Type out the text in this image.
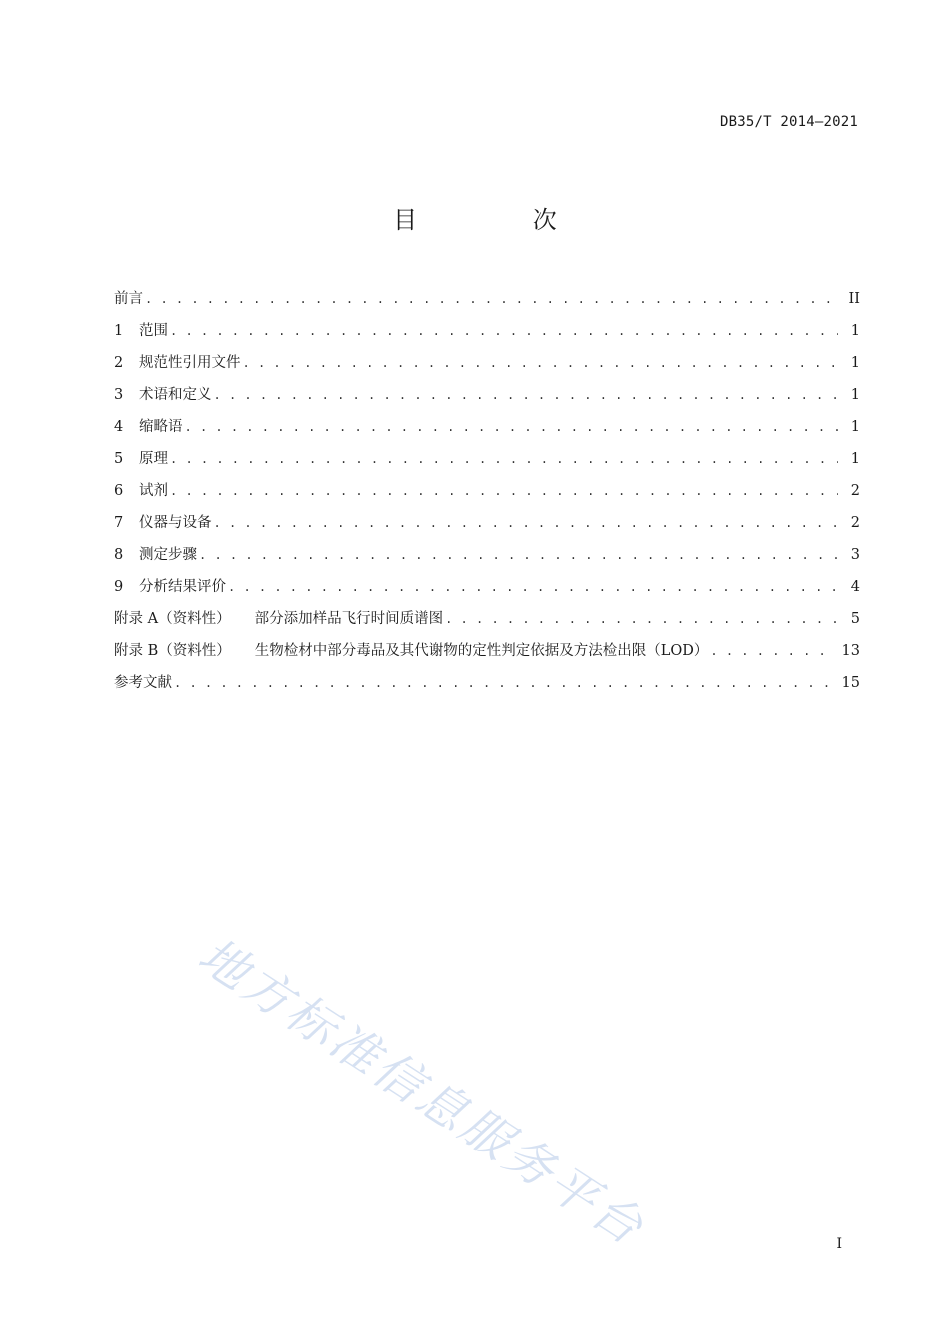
DB35/T 2014—2021
目 次
前言 . . .	II
1	范围 . . .	1
2	规范性引用文件 . . .	1
3	术语和定义 . . .	1
4	缩略语 . . .	1
5	原理 . . .	1
6	试剂 . . .	2
7	仪器与设备 . . .	2
8	测定步骤 . . .	3
9	分析结果评价 . . .	4
附录 A（资料性） 部分添加样品飞行时间质谱图 . . .	5
附录 B（资料性） 生物检材中部分毒品及其代谢物的定性判定依据及方法检出限（LOD） . . .	13
参考文献 . . .	15
地方标准信息服务平台	I
